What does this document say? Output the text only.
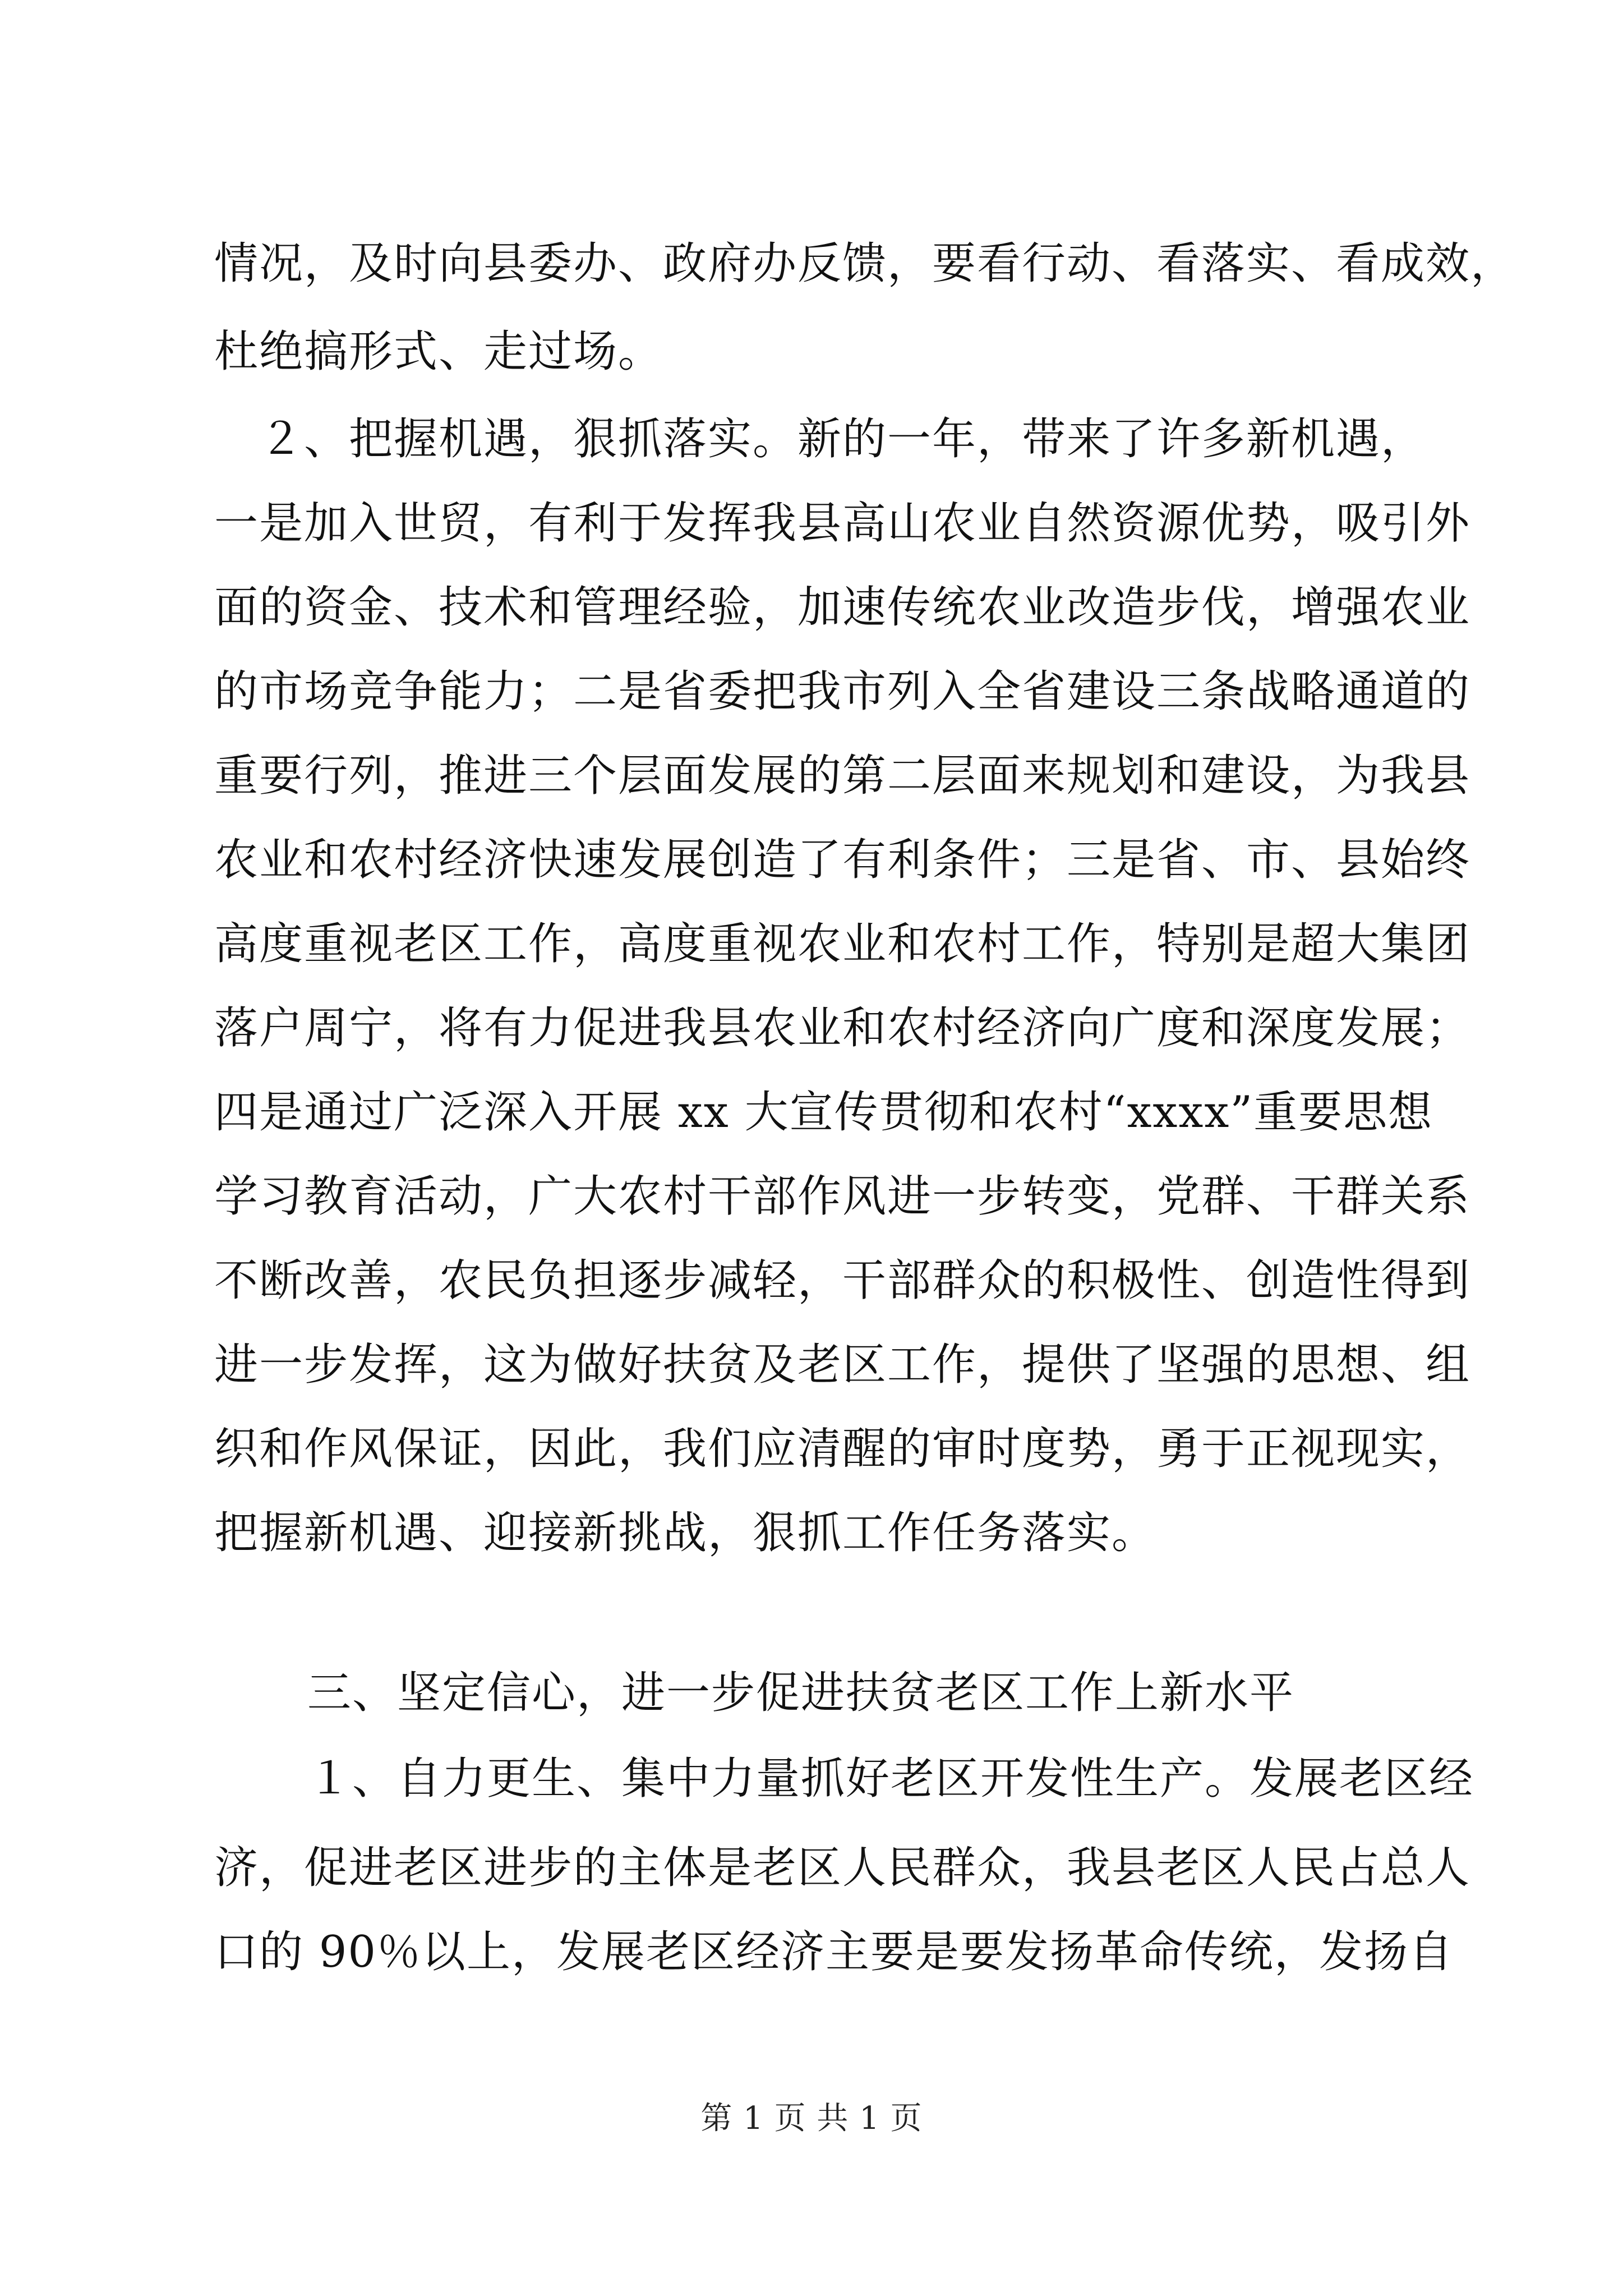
情况，及时向县委办、政府办反馈，要看行动、看落实、看成效，
杜绝搞形式、走过场。
　２、把握机遇，狠抓落实。新的一年，带来了许多新机遇，
一是加入世贸，有利于发挥我县高山农业自然资源优势，吸引外
面的资金、技术和管理经验，加速传统农业改造步伐，增强农业
的市场竞争能力；二是省委把我市列入全省建设三条战略通道的
重要行列，推进三个层面发展的第二层面来规划和建设，为我县
农业和农村经济快速发展创造了有利条件；三是省、市、县始终
高度重视老区工作，高度重视农业和农村工作，特别是超大集团
落户周宁，将有力促进我县农业和农村经济向广度和深度发展；
四是通过广泛深入开展 xx 大宣传贯彻和农村“xxxx”重要思想
学习教育活动，广大农村干部作风进一步转变，党群、干群关系
不断改善，农民负担逐步减轻，干部群众的积极性、创造性得到
进一步发挥，这为做好扶贫及老区工作，提供了坚强的思想、组
织和作风保证，因此，我们应清醒的审时度势，勇于正视现实，
把握新机遇、迎接新挑战，狠抓工作任务落实。
三、坚定信心，进一步促进扶贫老区工作上新水平
１、自力更生、集中力量抓好老区开发性生产。发展老区经
济，促进老区进步的主体是老区人民群众，我县老区人民占总人
口的 90％以上，发展老区经济主要是要发扬革命传统，发扬自
第 1 页 共 1 页
